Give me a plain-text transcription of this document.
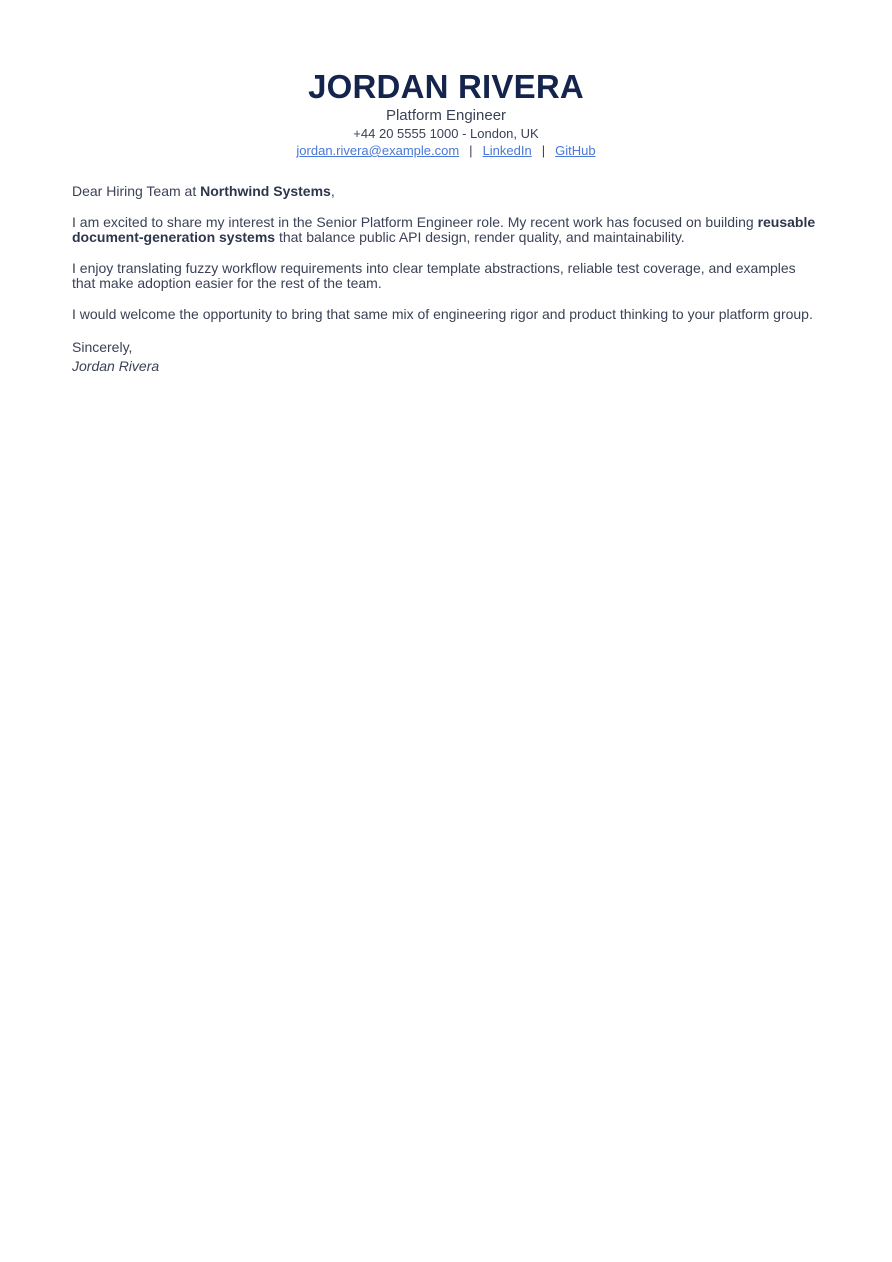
JORDAN RIVERA

Platform Engineer

+44 20 5555 1000 - London, UK

jordan.rivera@example.com | LinkedIn | GitHub

Dear Hiring Team at Northwind Systems,

I am excited to share my interest in the Senior Platform Engineer role. My recent work has focused on building reusable document-generation systems that balance public API design, render quality, and maintainability.

I enjoy translating fuzzy workflow requirements into clear template abstractions, reliable test coverage, and examples that make adoption easier for the rest of the team.

I would welcome the opportunity to bring that same mix of engineering rigor and product thinking to your platform group.

Sincerely,
Jordan Rivera
